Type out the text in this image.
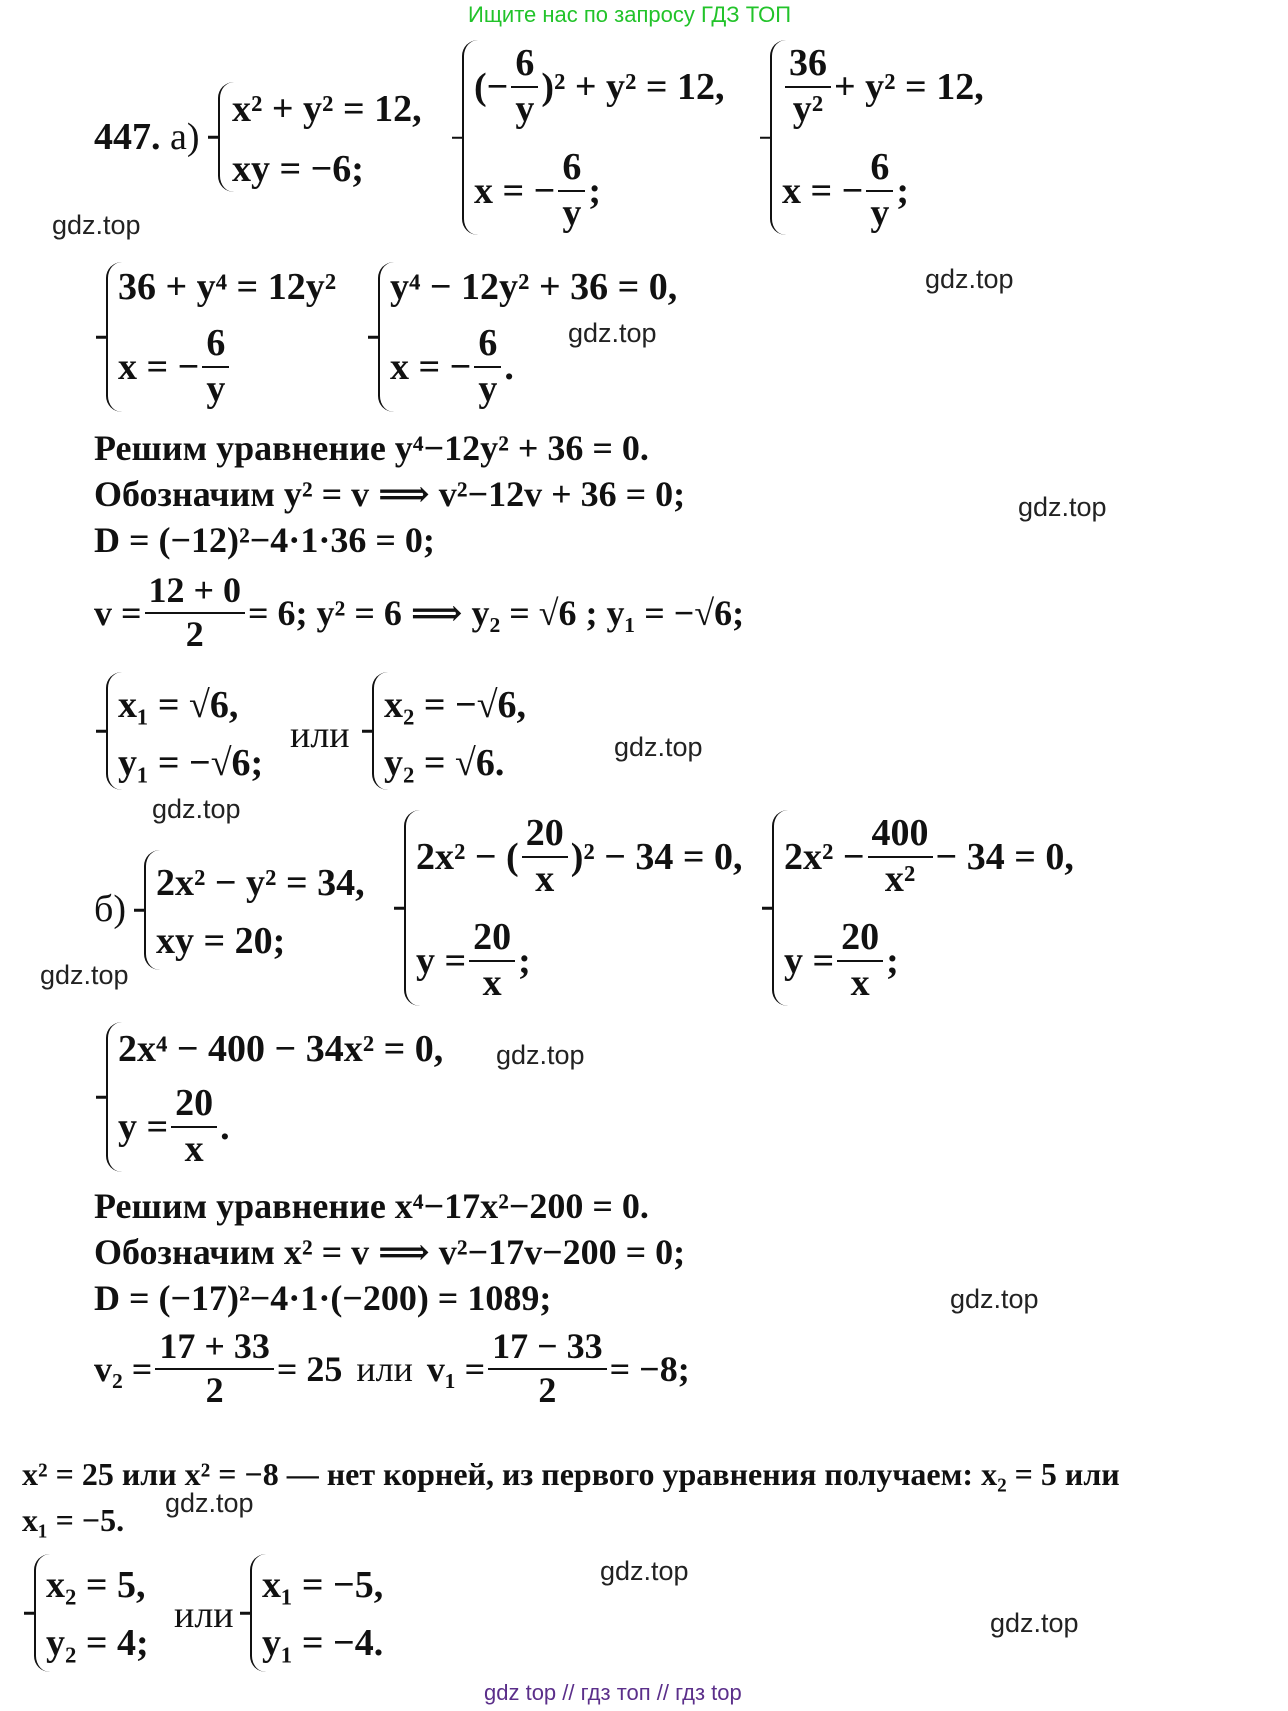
Ищите нас по запросу ГДЗ ТОП
gdz top // гдз топ // гдз top
gdz.top
gdz.top
gdz.top
gdz.top
gdz.top
gdz.top
gdz.top
gdz.top
gdz.top
gdz.top
gdz.top
gdz.top
447. а)
x² + y² = 12,
xy = −6;
(− $\frac{6}{y} )^2 + y^2 = 12$,
x = − $\frac{6}{y}$ ;
$\frac{36}{\text{y²}} + y^2 = 12$,
x = − $\frac{6}{y}$ ;
36 + y⁴ = 12y²
x = − $\frac{6}{y}$
y⁴ − 12y² + 36 = 0,
x = − $\frac{6}{y}$ .
Решим уравнение y⁴−12y² + 36 = 0.
Обозначим y² = v ⟹ v²−12v + 36 = 0;
D = (−12)²−4·1·36 = 0;
$v = \frac{12 + 0}{2} = 6$; y² = 6 ⟹ y₂ = √6 ; y₁ = −√6;
x₁ = √6,
y₁ = −√6;
или
x₂ = −√6,
y₂ = √6.
б)
2x² − y² = 34,
xy = 20;
2x² − ( $\frac{20}{x} )^2 - 34 = 0$,
$y = \frac{20}{x}$ ;
$2x^2 - \frac{400}{\text{x²}} - 34 = 0$,
$y = \frac{20}{x}$ ;
2x⁴ − 400 − 34x² = 0,
$y = \frac{20}{x}$ .
Решим уравнение x⁴−17x²−200 = 0.
Обозначим x² = v ⟹ v²−17v−200 = 0;
D = (−17)²−4·1·(−200) = 1089;
$v_2 = \frac{17 + 33}{2} = 25$ или $v_1 = \frac{17 - 33}{2} = -8$;
x² = 25 или x² = −8 — нет корней, из первого уравнения получаем: x₂ = 5 или
x₁ = −5.
x₂ = 5,
y₂ = 4;
или
x₁ = −5,
y₁ = −4.
